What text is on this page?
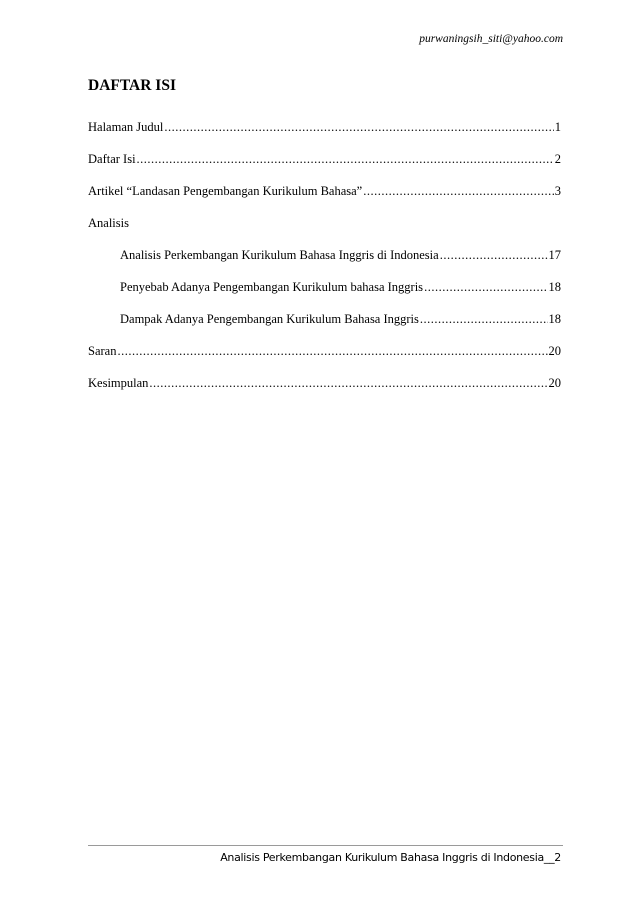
purwaningsih_siti@yahoo.com
DAFTAR ISI
Halaman Judul .....	1
Daftar Isi .....	2
Artikel “Landasan Pengembangan Kurikulum Bahasa” .....	3
Analisis
Analisis Perkembangan Kurikulum Bahasa Inggris di Indonesia .....	17
Penyebab Adanya Pengembangan Kurikulum bahasa Inggris .....	18
Dampak Adanya Pengembangan Kurikulum Bahasa Inggris .....	18
Saran .....	20
Kesimpulan .....	20
Analisis Perkembangan Kurikulum Bahasa Inggris di Indonesia__2
